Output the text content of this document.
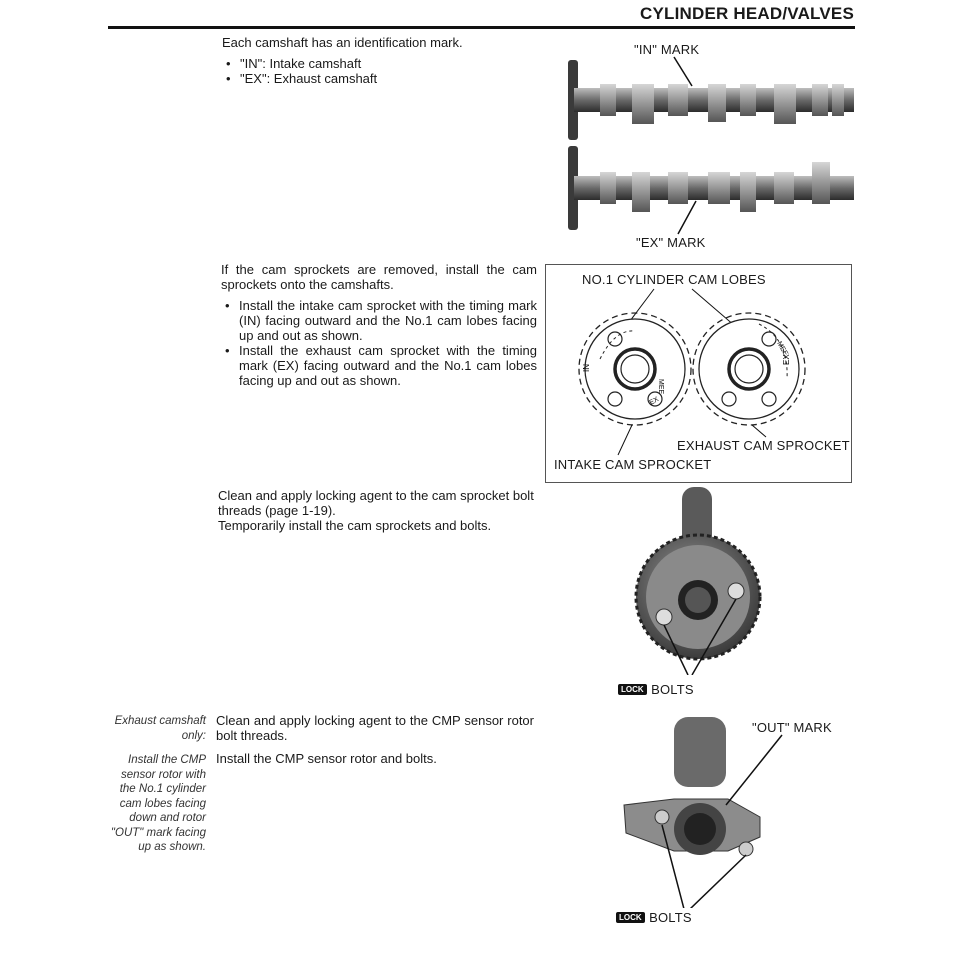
CYLINDER HEAD/VALVES
Each camshaft has an identification mark.
• "IN": Intake camshaft
• "EX": Exhaust camshaft
"IN" MARK
"EX" MARK
If the cam sprockets are removed, install the cam sprockets onto the camshafts.
• Install the intake cam sprocket with the timing mark (IN) facing outward and the No.1 cam lobes facing up and out as shown.
• Install the exhaust cam sprocket with the timing mark (EX) facing outward and the No.1 cam lobes facing up and out as shown.
NO.1 CYLINDER CAM LOBES
EXHAUST CAM SPROCKET
INTAKE CAM SPROCKET
IN
MEE
EX
EX
MEE
Clean and apply locking agent to the cam sprocket bolt threads (page 1-19).
Temporarily install the cam sprockets and bolts.
LOCK BOLTS
Exhaust camshaft only:
Install the CMP sensor rotor with the No.1 cylinder cam lobes facing down and rotor "OUT" mark facing up as shown.
Clean and apply locking agent to the CMP sensor rotor bolt threads.
Install the CMP sensor rotor and bolts.
"OUT" MARK
LOCK BOLTS
